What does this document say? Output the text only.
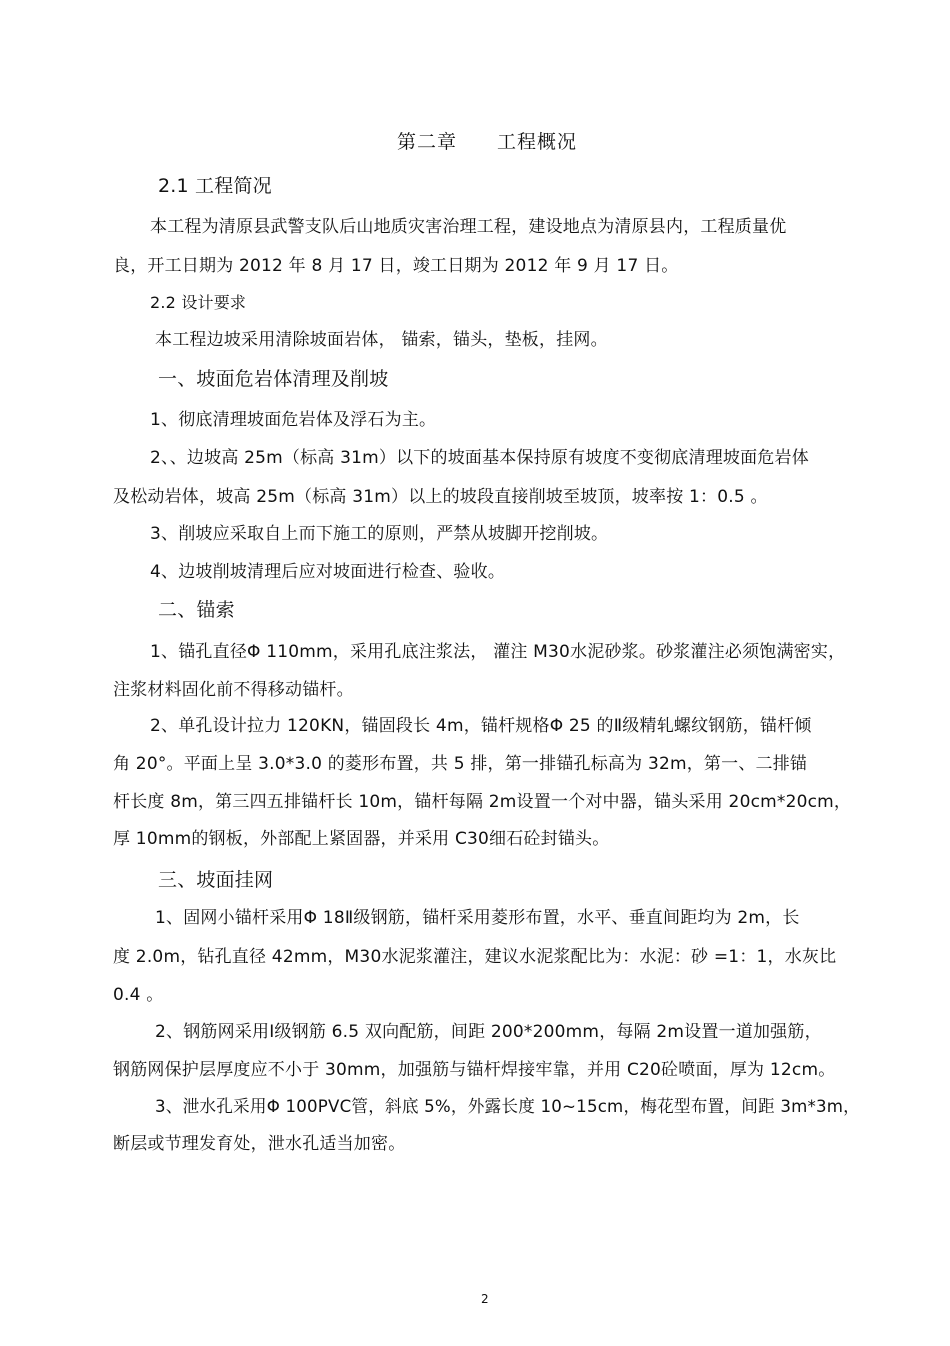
第二章　　工程概况
2.1 工程简况
本工程为清原县武警支队后山地质灾害治理工程，建设地点为清原县内，工程质量优
良，开工日期为 2012 年 8 月 17 日，竣工日期为 2012 年 9 月 17 日。
2.2 设计要求
本工程边坡采用清除坡面岩体， 锚索，锚头，垫板，挂网。
一、坡面危岩体清理及削坡
1、彻底清理坡面危岩体及浮石为主。
2、、边坡高 25m（标高 31m）以下的坡面基本保持原有坡度不变彻底清理坡面危岩体
及松动岩体，坡高 25m（标高 31m）以上的坡段直接削坡至坡顶，坡率按 1：0.5 。
3、削坡应采取自上而下施工的原则，严禁从坡脚开挖削坡。
4、边坡削坡清理后应对坡面进行检查、验收。
二、锚索
1、锚孔直径Φ 110mm，采用孔底注浆法， 灌注 M30水泥砂浆。砂浆灌注必须饱满密实，
注浆材料固化前不得移动锚杆。
2、单孔设计拉力 120KN，锚固段长 4m，锚杆规格Φ 25 的Ⅱ级精轧螺纹钢筋，锚杆倾
角 20°。平面上呈 3.0*3.0 的菱形布置，共 5 排，第一排锚孔标高为 32m，第一、二排锚
杆长度 8m，第三四五排锚杆长 10m，锚杆每隔 2m设置一个对中器，锚头采用 20cm*20cm，
厚 10mm的钢板，外部配上紧固器，并采用 C30细石砼封锚头。
三、坡面挂网
1、固网小锚杆采用Φ 18Ⅱ级钢筋，锚杆采用菱形布置，水平、垂直间距均为 2m，长
度 2.0m，钻孔直径 42mm，M30水泥浆灌注，建议水泥浆配比为：水泥：砂 =1：1，水灰比
0.4 。
2、钢筋网采用Ⅰ级钢筋 6.5 双向配筋，间距 200*200mm，每隔 2m设置一道加强筋，
钢筋网保护层厚度应不小于 30mm，加强筋与锚杆焊接牢靠，并用 C20砼喷面，厚为 12cm。
3、泄水孔采用Φ 100PVC管，斜底 5%，外露长度 10~15cm，梅花型布置，间距 3m*3m，
断层或节理发育处，泄水孔适当加密。
2
